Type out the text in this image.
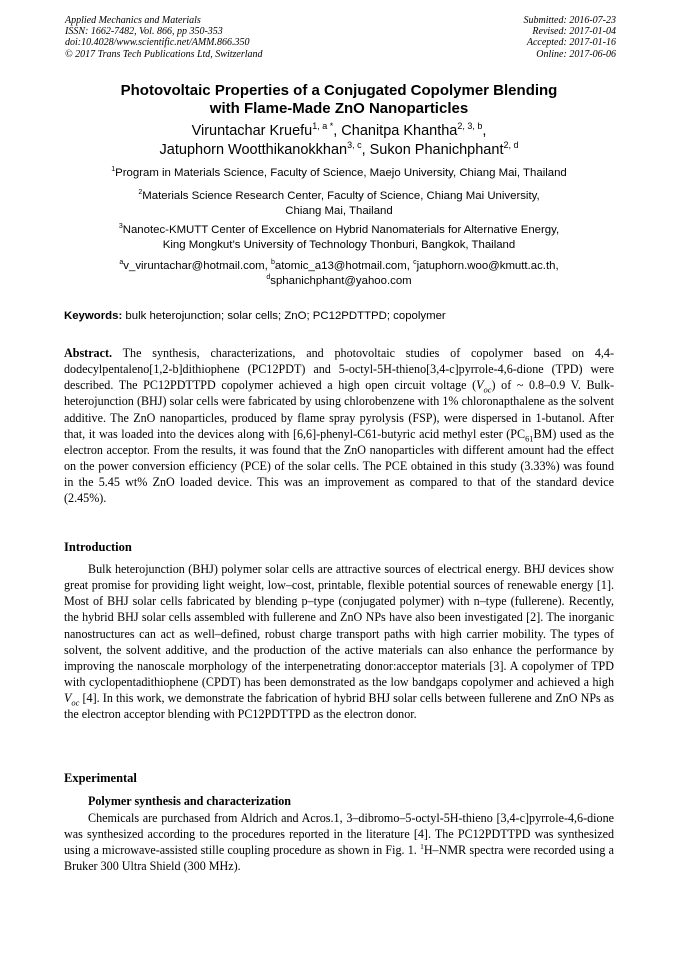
Applied Mechanics and Materials
ISSN: 1662-7482, Vol. 866, pp 350-353
doi:10.4028/www.scientific.net/AMM.866.350
© 2017 Trans Tech Publications Ltd, Switzerland
Submitted: 2016-07-23
Revised: 2017-01-04
Accepted: 2017-01-16
Online: 2017-06-06
Photovoltaic Properties of a Conjugated Copolymer Blending
with Flame-Made ZnO Nanoparticles
Viruntachar Kruefu$^{1, a *}$, Chanitpa Khantha$^{2, 3, b}$,
Jatuphorn Wootthikanokkhan$^{3, c}$, Sukon Phanichphant$^{2, d}$
$^1$Program in Materials Science, Faculty of Science, Maejo University, Chiang Mai, Thailand
$^2$Materials Science Research Center, Faculty of Science, Chiang Mai University,
Chiang Mai, Thailand
$^3$Nanotec-KMUTT Center of Excellence on Hybrid Nanomaterials for Alternative Energy,
King Mongkut’s University of Technology Thonburi, Bangkok, Thailand
$^a$v_viruntachar@hotmail.com, $^b$atomic_a13@hotmail.com, $^c$jatuphorn.woo@kmutt.ac.th,
$^d$sphanichphant@yahoo.com
Keywords: bulk heterojunction; solar cells; ZnO; PC12PDTTPD; copolymer

Abstract. The synthesis, characterizations, and photovoltaic studies of copolymer based on 4,4-dodecylpentaleno[1,2-b]dithiophene (PC12PDT) and 5-octyl-5H-thieno[3,4-c]pyrrole-4,6-dione (TPD) were described. The PC12PDTTPD copolymer achieved a high open circuit voltage $(V_{oc})$ of ~ 0.8–0.9 V. Bulk-heterojunction (BHJ) solar cells were fabricated by using chlorobenzene with 1% chloronapthalene as the solvent additive. The ZnO nanoparticles, produced by flame spray pyrolysis (FSP), were dispersed in 1-butanol. After that, it was loaded into the devices along with [6,6]-phenyl-C61-butyric acid methyl ester $(PC_{61}BM)$ used as the electron acceptor. From the results, it was found that the ZnO nanoparticles with different amount had the effect on the power conversion efficiency (PCE) of the solar cells. The PCE obtained in this study (3.33%) was found in the 5.45 wt% ZnO loaded device. This was an improvement as compared to that of the standard device (2.45%).

Introduction

Bulk heterojunction (BHJ) polymer solar cells are attractive sources of electrical energy. BHJ devices show great promise for providing light weight, low–cost, printable, flexible potential sources of renewable energy [1]. Most of BHJ solar cells fabricated by blending p–type (conjugated polymer) with n–type (fullerene). Recently, the hybrid BHJ solar cells assembled with fullerene and ZnO NPs have also been investigated [2]. The inorganic nanostructures can act as well–defined, robust charge transport paths with high carrier mobility. The types of solvent, the solvent additive, and the production of the active materials can also enhance the performance by improving the nanoscale morphology of the interpenetrating donor:acceptor materials [3]. A copolymer of TPD with cyclopentadithiophene (CPDT) has been demonstrated as the low bandgaps copolymer and achieved a high $V_{oc}$ [4]. In this work, we demonstrate the fabrication of hybrid BHJ solar cells between fullerene and ZnO NPs as the electron acceptor blending with PC12PDTTPD as the electron donor.

Experimental
Polymer synthesis and characterization

Chemicals are purchased from Aldrich and Acros.1, 3–dibromo–5-octyl-5H-thieno [3,4-c]pyrrole-4,6-dione was synthesized according to the procedures reported in the literature [4]. The PC12PDTTPD was synthesized using a microwave-assisted stille coupling procedure as shown in Fig. 1. $^1$H–NMR spectra were recorded using a Bruker 300 Ultra Shield (300 MHz).
